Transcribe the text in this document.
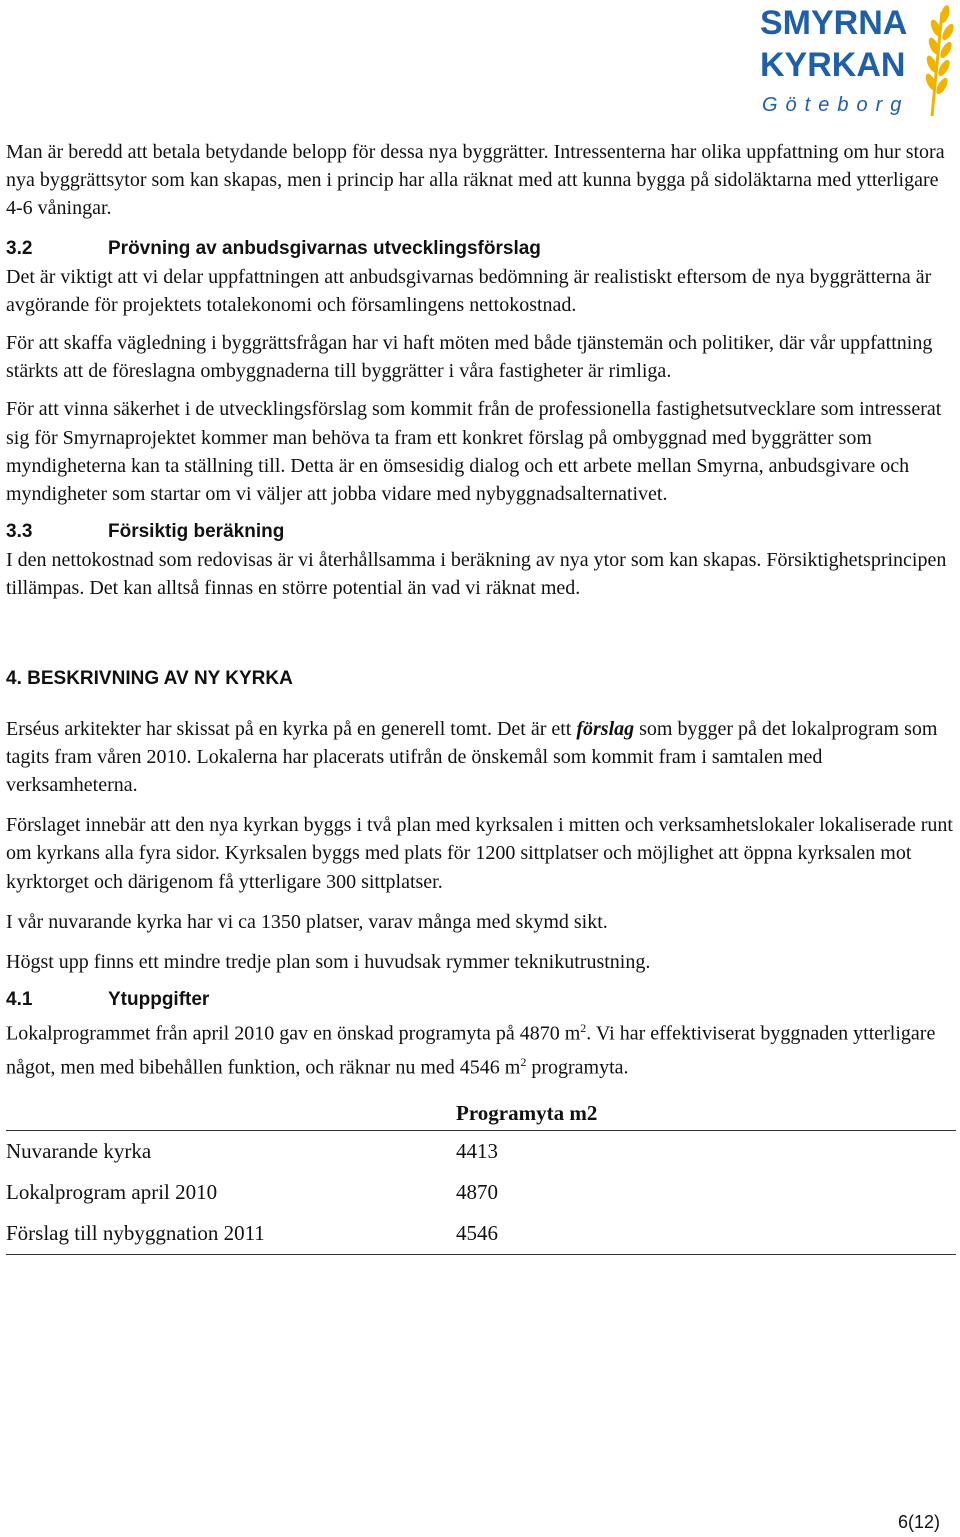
SMYRNA
KYRKAN
Göteborg

Man är beredd att betala betydande belopp för dessa nya byggrätter. Intressenterna har olika uppfattning om hur stora nya byggrättsytor som kan skapas, men i princip har alla räknat med att kunna bygga på sidoläktarna med ytterligare 4-6 våningar.

3.2	Prövning av anbudsgivarnas utvecklingsförslag

Det är viktigt att vi delar uppfattningen att anbudsgivarnas bedömning är realistiskt eftersom de nya byggrätterna är avgörande för projektets totalekonomi och församlingens nettokostnad.

För att skaffa vägledning i byggrättsfrågan har vi haft möten med både tjänstemän och politiker, där vår uppfattning stärkts att de föreslagna ombyggnaderna till byggrätter i våra fastigheter är rimliga.

För att vinna säkerhet i de utvecklingsförslag som kommit från de professionella fastighetsutvecklare som intresserat sig för Smyrnaprojektet kommer man behöva ta fram ett konkret förslag på ombyggnad med byggrätter som myndigheterna kan ta ställning till. Detta är en ömsesidig dialog och ett arbete mellan Smyrna, anbudsgivare och myndigheter som startar om vi väljer att jobba vidare med nybyggnadsalternativet.

3.3	Försiktig beräkning

I den nettokostnad som redovisas är vi återhållsamma i beräkning av nya ytor som kan skapas. Försiktighetsprincipen tillämpas. Det kan alltså finnas en större potential än vad vi räknat med.

4. BESKRIVNING AV NY KYRKA

Erséus arkitekter har skissat på en kyrka på en generell tomt. Det är ett förslag som bygger på det lokalprogram som tagits fram våren 2010. Lokalerna har placerats utifrån de önskemål som kommit fram i samtalen med verksamheterna.

Förslaget innebär att den nya kyrkan byggs i två plan med kyrksalen i mitten och verksamhetslokaler lokaliserade runt om kyrkans alla fyra sidor. Kyrksalen byggs med plats för 1200 sittplatser och möjlighet att öppna kyrksalen mot kyrktorget och därigenom få ytterligare 300 sittplatser.

I vår nuvarande kyrka har vi ca 1350 platser, varav många med skymd sikt.

Högst upp finns ett mindre tredje plan som i huvudsak rymmer teknikutrustning.

4.1	Ytuppgifter

Lokalprogrammet från april 2010 gav en önskad programyta på 4870 $m^2$. Vi har effektiviserat byggnaden ytterligare något, men med bibehållen funktion, och räknar nu med 4546 $m^2$ programyta.

Programyta m2
Nuvarande kyrka	4413
Lokalprogram april 2010	4870
Förslag till nybyggnation 2011	4546
6(12)
